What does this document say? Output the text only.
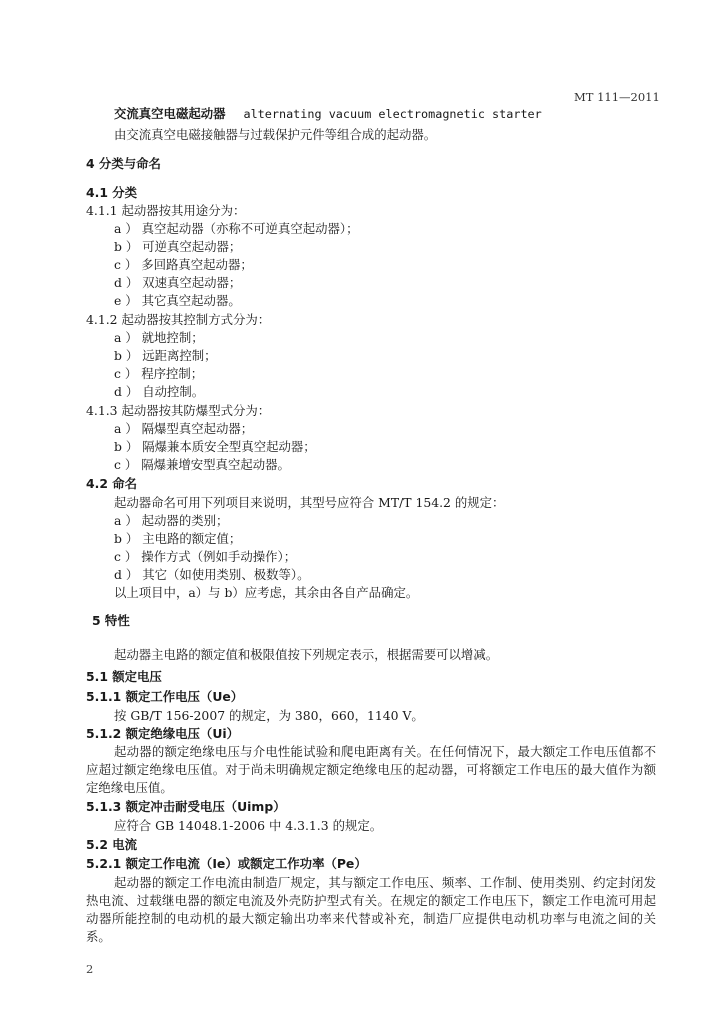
MT 111—2011
交流真空电磁起动器 alternating vacuum electromagnetic starter
由交流真空电磁接触器与过载保护元件等组合成的起动器。
4 分类与命名
4.1 分类
4.1.1 起动器按其用途分为：
a ） 真空起动器（亦称不可逆真空起动器）；
b ） 可逆真空起动器；
c ） 多回路真空起动器；
d ） 双速真空起动器；
e ） 其它真空起动器。
4.1.2 起动器按其控制方式分为：
a ） 就地控制；
b ） 远距离控制；
c ） 程序控制；
d ） 自动控制。
4.1.3 起动器按其防爆型式分为：
a ） 隔爆型真空起动器；
b ） 隔爆兼本质安全型真空起动器；
c ） 隔爆兼增安型真空起动器。
4.2 命名
起动器命名可用下列项目来说明，其型号应符合 MT/T 154.2 的规定：
a ） 起动器的类别；
b ） 主电路的额定值；
c ） 操作方式（例如手动操作）；
d ） 其它（如使用类别、极数等）。
以上项目中，a）与 b）应考虑，其余由各自产品确定。
5 特性
起动器主电路的额定值和极限值按下列规定表示，根据需要可以增减。
5.1 额定电压
5.1.1 额定工作电压（Ue）
按 GB/T 156-2007 的规定，为 380，660，1140 V。
5.1.2 额定绝缘电压（Ui）
起动器的额定绝缘电压与介电性能试验和爬电距离有关。在任何情况下，最大额定工作电压值都不
应超过额定绝缘电压值。对于尚未明确规定额定绝缘电压的起动器，可将额定工作电压的最大值作为额
定绝缘电压值。
5.1.3 额定冲击耐受电压（Uimp）
应符合 GB 14048.1-2006 中 4.3.1.3 的规定。
5.2 电流
5.2.1 额定工作电流（Ie）或额定工作功率（Pe）
起动器的额定工作电流由制造厂规定，其与额定工作电压、频率、工作制、使用类别、约定封闭发
热电流、过载继电器的额定电流及外壳防护型式有关。在规定的额定工作电压下，额定工作电流可用起
动器所能控制的电动机的最大额定输出功率来代替或补充，制造厂应提供电动机功率与电流之间的关
系。
2
